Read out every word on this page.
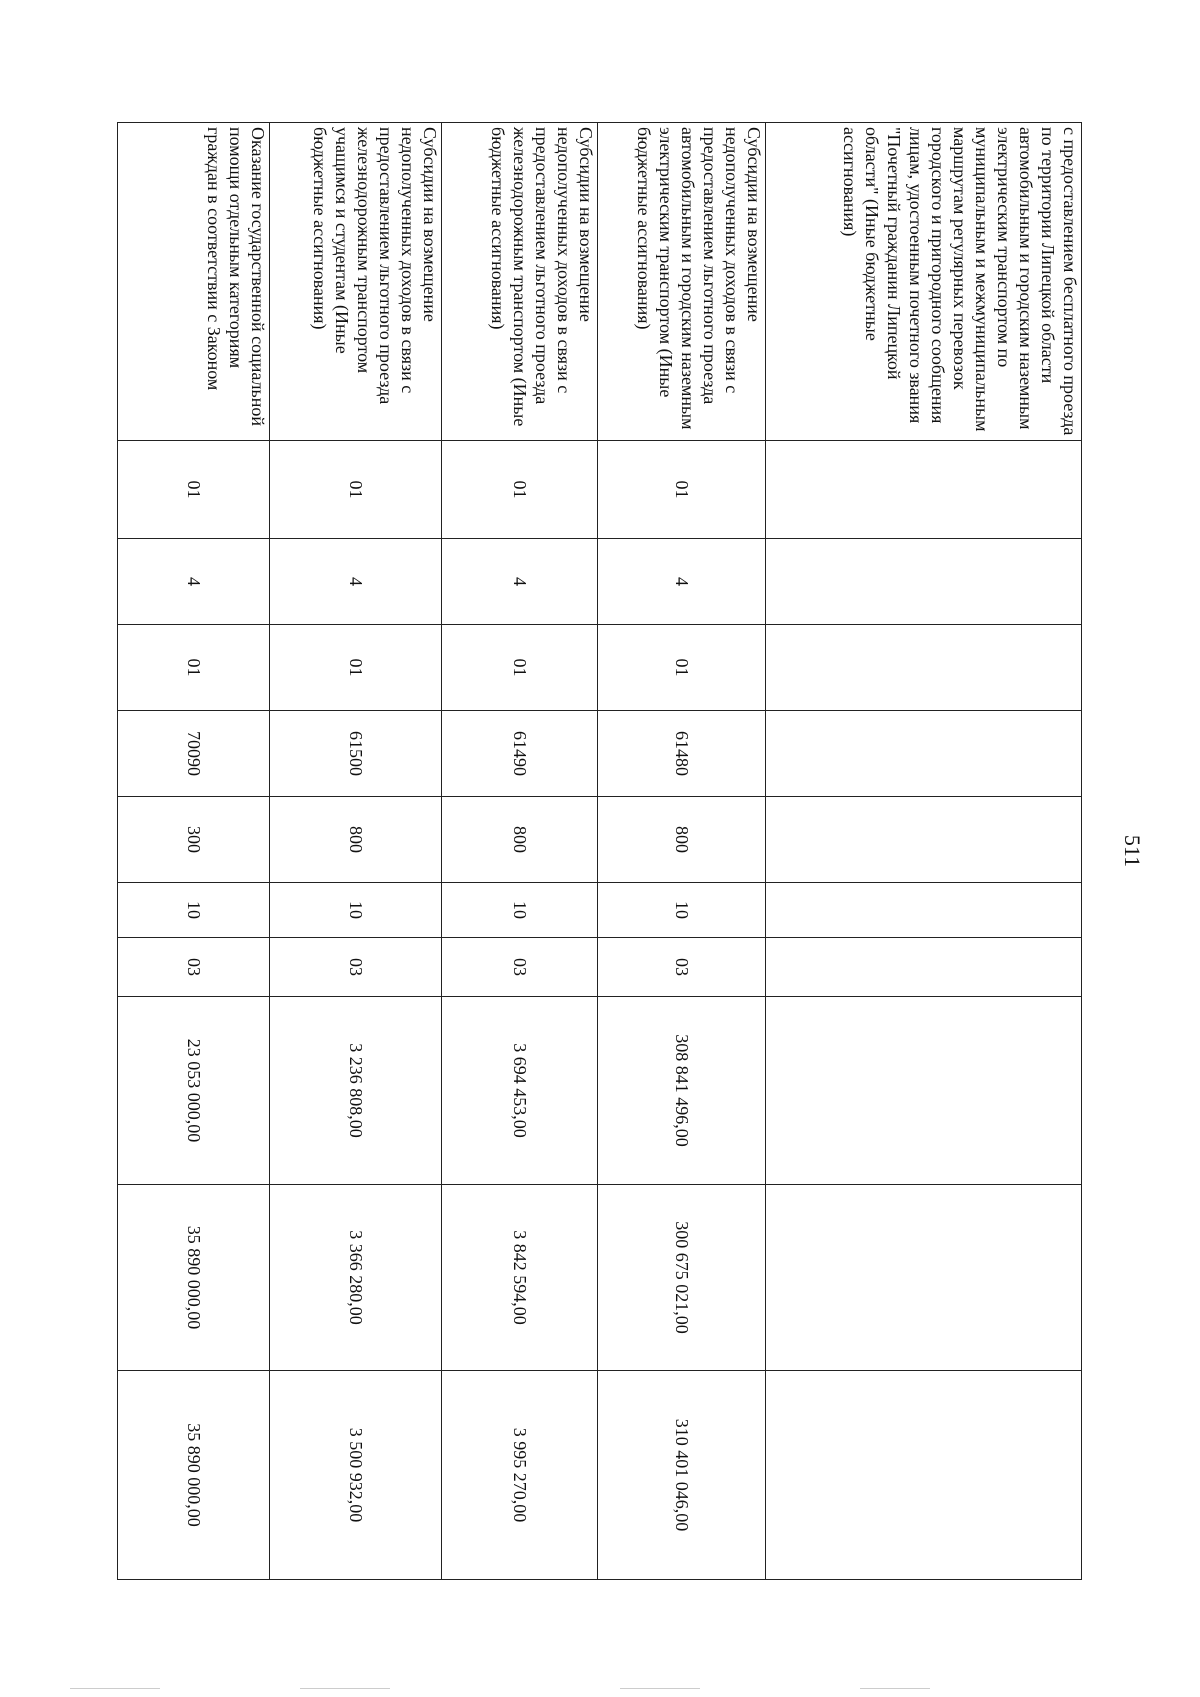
511
с предоставлением бесплатного проезда по территории Липецкой области автомобильным и городским наземным электрическим транспортом по муниципальным и межмуниципальным маршрутам регулярных перевозок городского и пригородного сообщения лицам, удостоенным почетного звания "Почетный гражданин Липецкой области" (Иные бюджетные ассигнования)										
Субсидии на возмещение недополученных доходов в связи с предоставлением льготного проезда автомобильным и городским наземным электрическим транспортом (Иные бюджетные ассигнования)	01	4	01	61480	800	10	03	308 841 496,00	300 675 021,00	310 401 046,00
Субсидии на возмещение недополученных доходов в связи с предоставлением льготного проезда железнодорожным транспортом (Иные бюджетные ассигнования)	01	4	01	61490	800	10	03	3 694 453,00	3 842 594,00	3 995 270,00
Субсидии на возмещение недополученных доходов в связи с предоставлением льготного проезда железнодорожным транспортом учащимся и студентам (Иные бюджетные ассигнования)	01	4	01	61500	800	10	03	3 236 808,00	3 366 280,00	3 500 932,00
Оказание государственной социальной помощи отдельным категориям граждан в соответствии с Законом	01	4	01	70090	300	10	03	23 053 000,00	35 890 000,00	35 890 000,00
